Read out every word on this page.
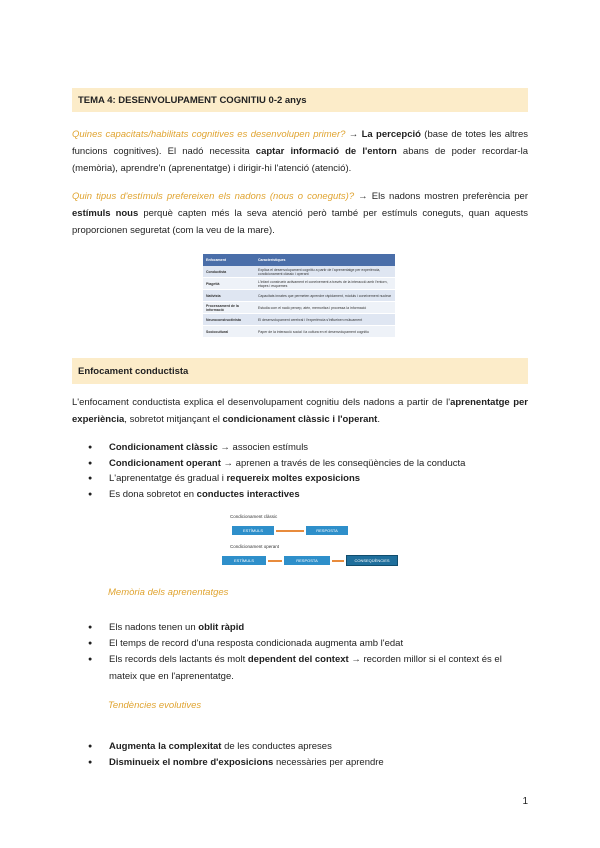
TEMA 4: DESENVOLUPAMENT COGNITIU 0-2 anys
Quines capacitats/habilitats cognitives es desenvolupen primer? → La percepció (base de totes les altres funcions cognitives). El nadó necessita captar informació de l'entorn abans de poder recordar-la (memòria), aprendre'n (aprenentatge) i dirigir-hi l'atenció (atenció).
Quin tipus d'estímuls prefereixen els nadons (nous o coneguts)? → Els nadons mostren preferència per estímuls nous perquè capten més la seva atenció però també per estímuls coneguts, quan aquests proporcionen seguretat (com la veu de la mare).
Enfocament	Característiques
Conductista	Explica el desenvolupament cognitiu a partir de l'aprenentatge per experiència, condicionament clàssic i operant
Piagetià	L'infant construeix activament el coneixement a través de la interacció amb l'entorn, etapes i esquemes
Nativista	Capacitats innates que permeten aprendre ràpidament, mòduls i coneixement nuclear
Processament de la informació	Estudia com el nadó percep, atén, memoritza i processa la informació
Neuroconstructivista	El desenvolupament cerebral i l'experiència s'influeixen mútuament
Sociocultural	Paper de la interacció social i la cultura en el desenvolupament cognitiu
Enfocament conductista
L'enfocament conductista explica el desenvolupament cognitiu dels nadons a partir de l'aprenentatge per experiència, sobretot mitjançant el condicionament clàssic i l'operant.
● Condicionament clàssic → associen estímuls
● Condicionament operant → aprenen a través de les conseqüències de la conducta
● L'aprenentatge és gradual i requereix moltes exposicions
● Es dona sobretot en conductes interactives
Condicionament clàssic
ESTÍMULS	RESPOSTA
Condicionament operant
ESTÍMULS	RESPOSTA	CONSEQÜÈNCIES
Memòria dels aprenentatges
● Els nadons tenen un oblit ràpid
● El temps de record d'una resposta condicionada augmenta amb l'edat
● Els records dels lactants és molt dependent del context → recorden millor si el context és el mateix que en l'aprenentatge.
Tendències evolutives
● Augmenta la complexitat de les conductes apreses
● Disminueix el nombre d'exposicions necessàries per aprendre
1
